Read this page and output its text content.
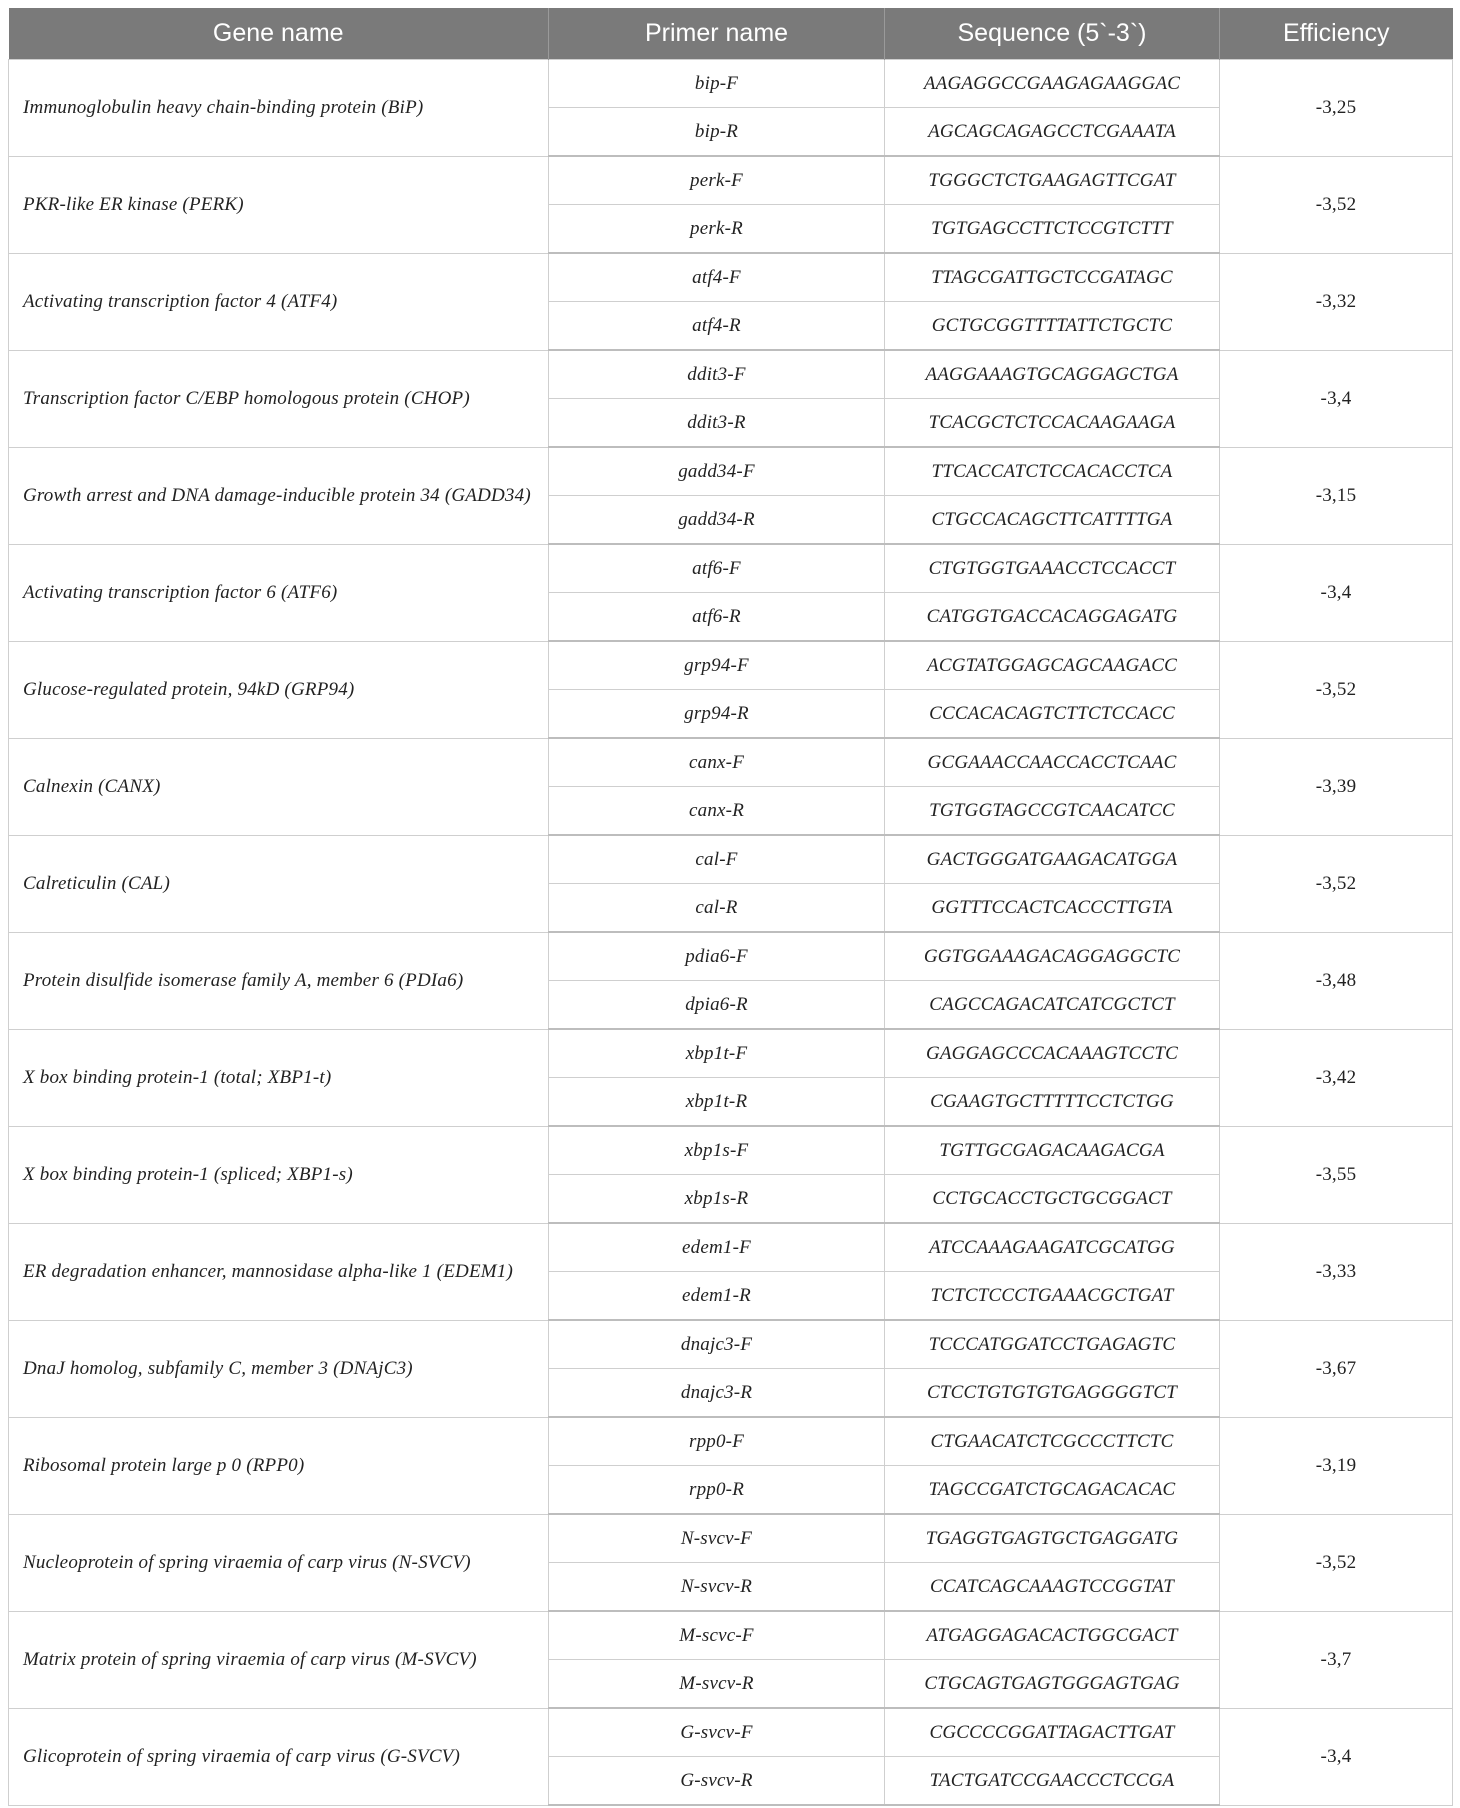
Gene name	Primer name	Sequence (5`-3`)	Efficiency
Immunoglobulin heavy chain-binding protein (BiP)	bip-F	AAGAGGCCGAAGAGAAGGAC	-3,25
	bip-R	AGCAGCAGAGCCTCGAAATA	
PKR-like ER kinase (PERK)	perk-F	TGGGCTCTGAAGAGTTCGAT	-3,52
	perk-R	TGTGAGCCTTCTCCGTCTTT	
Activating transcription factor 4 (ATF4)	atf4-F	TTAGCGATTGCTCCGATAGC	-3,32
	atf4-R	GCTGCGGTTTTATTCTGCTC	
Transcription factor C/EBP homologous protein (CHOP)	ddit3-F	AAGGAAAGTGCAGGAGCTGA	-3,4
	ddit3-R	TCACGCTCTCCACAAGAAGA	
Growth arrest and DNA damage-inducible protein 34 (GADD34)	gadd34-F	TTCACCATCTCCACACCTCA	-3,15
	gadd34-R	CTGCCACAGCTTCATTTTGA	
Activating transcription factor 6 (ATF6)	atf6-F	CTGTGGTGAAACCTCCACCT	-3,4
	atf6-R	CATGGTGACCACAGGAGATG	
Glucose-regulated protein, 94kD (GRP94)	grp94-F	ACGTATGGAGCAGCAAGACC	-3,52
	grp94-R	CCCACACAGTCTTCTCCACC	
Calnexin (CANX)	canx-F	GCGAAACCAACCACCTCAAC	-3,39
	canx-R	TGTGGTAGCCGTCAACATCC	
Calreticulin (CAL)	cal-F	GACTGGGATGAAGACATGGA	-3,52
	cal-R	GGTTTCCACTCACCCTTGTA	
Protein disulfide isomerase family A, member 6 (PDIa6)	pdia6-F	GGTGGAAAGACAGGAGGCTC	-3,48
	dpia6-R	CAGCCAGACATCATCGCTCT	
X box binding protein-1 (total; XBP1-t)	xbp1t-F	GAGGAGCCCACAAAGTCCTC	-3,42
	xbp1t-R	CGAAGTGCTTTTTCCTCTGG	
X box binding protein-1 (spliced; XBP1-s)	xbp1s-F	TGTTGCGAGACAAGACGA	-3,55
	xbp1s-R	CCTGCACCTGCTGCGGACT	
ER degradation enhancer, mannosidase alpha-like 1 (EDEM1)	edem1-F	ATCCAAAGAAGATCGCATGG	-3,33
	edem1-R	TCTCTCCCTGAAACGCTGAT	
DnaJ homolog, subfamily C, member 3 (DNAjC3)	dnajc3-F	TCCCATGGATCCTGAGAGTC	-3,67
	dnajc3-R	CTCCTGTGTGTGAGGGGTCT	
Ribosomal protein large p 0 (RPP0)	rpp0-F	CTGAACATCTCGCCCTTCTC	-3,19
	rpp0-R	TAGCCGATCTGCAGACACAC	
Nucleoprotein of spring viraemia of carp virus (N-SVCV)	N-svcv-F	TGAGGTGAGTGCTGAGGATG	-3,52
	N-svcv-R	CCATCAGCAAAGTCCGGTAT	
Matrix protein of spring viraemia of carp virus (M-SVCV)	M-scvc-F	ATGAGGAGACACTGGCGACT	-3,7
	M-svcv-R	CTGCAGTGAGTGGGAGTGAG	
Glicoprotein of spring viraemia of carp virus (G-SVCV)	G-svcv-F	CGCCCCGGATTAGACTTGAT	-3,4
	G-svcv-R	TACTGATCCGAACCCTCCGA	
